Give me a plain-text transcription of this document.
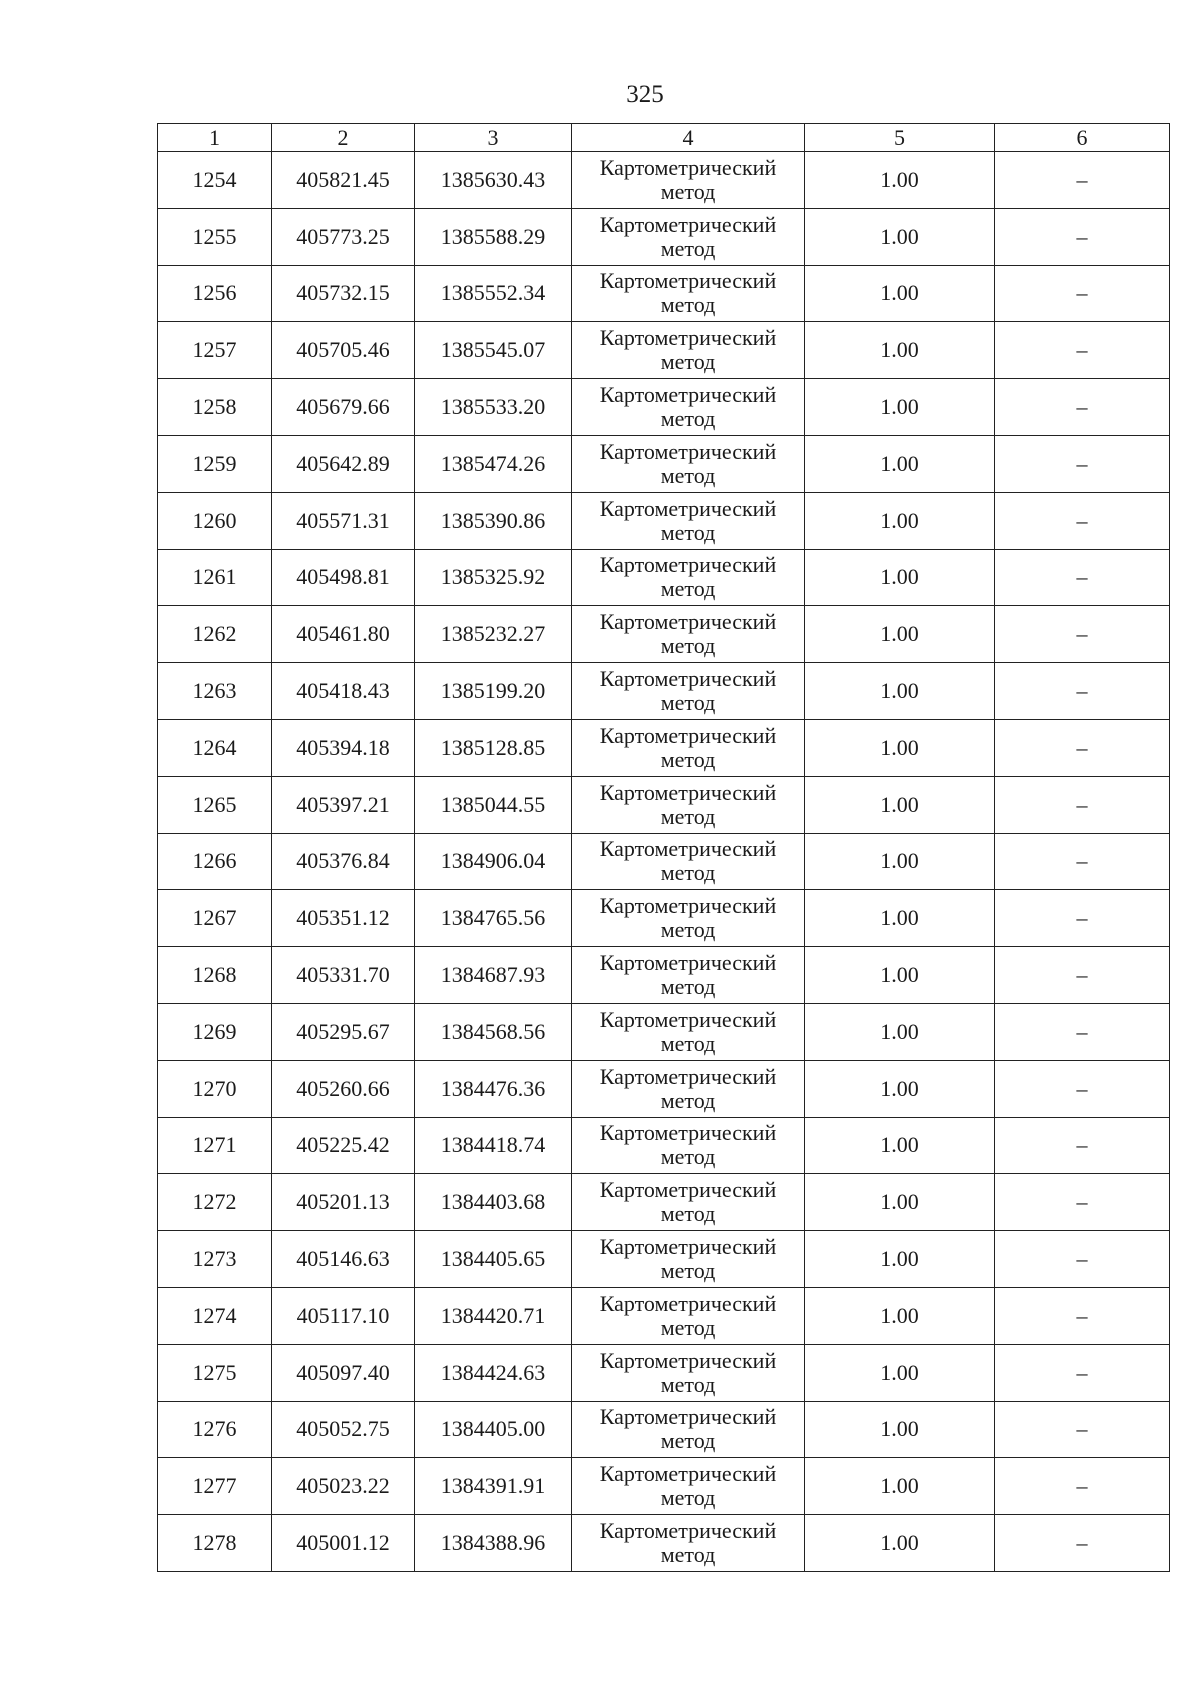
325
1	2	3	4	5	6
1254	405821.45	1385630.43	Картометрический метод	1.00	–
1255	405773.25	1385588.29	Картометрический метод	1.00	–
1256	405732.15	1385552.34	Картометрический метод	1.00	–
1257	405705.46	1385545.07	Картометрический метод	1.00	–
1258	405679.66	1385533.20	Картометрический метод	1.00	–
1259	405642.89	1385474.26	Картометрический метод	1.00	–
1260	405571.31	1385390.86	Картометрический метод	1.00	–
1261	405498.81	1385325.92	Картометрический метод	1.00	–
1262	405461.80	1385232.27	Картометрический метод	1.00	–
1263	405418.43	1385199.20	Картометрический метод	1.00	–
1264	405394.18	1385128.85	Картометрический метод	1.00	–
1265	405397.21	1385044.55	Картометрический метод	1.00	–
1266	405376.84	1384906.04	Картометрический метод	1.00	–
1267	405351.12	1384765.56	Картометрический метод	1.00	–
1268	405331.70	1384687.93	Картометрический метод	1.00	–
1269	405295.67	1384568.56	Картометрический метод	1.00	–
1270	405260.66	1384476.36	Картометрический метод	1.00	–
1271	405225.42	1384418.74	Картометрический метод	1.00	–
1272	405201.13	1384403.68	Картометрический метод	1.00	–
1273	405146.63	1384405.65	Картометрический метод	1.00	–
1274	405117.10	1384420.71	Картометрический метод	1.00	–
1275	405097.40	1384424.63	Картометрический метод	1.00	–
1276	405052.75	1384405.00	Картометрический метод	1.00	–
1277	405023.22	1384391.91	Картометрический метод	1.00	–
1278	405001.12	1384388.96	Картометрический метод	1.00	–
